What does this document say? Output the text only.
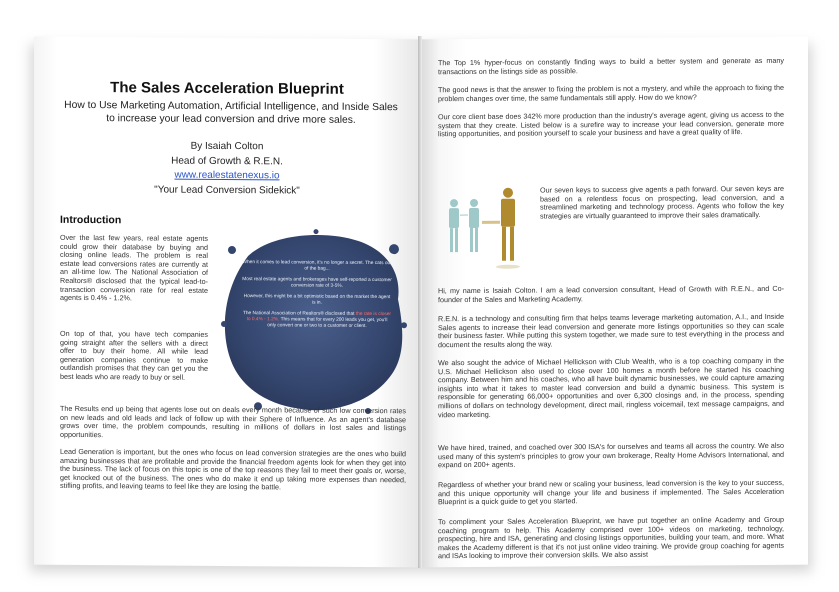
The Sales Acceleration Blueprint
How to Use Marketing Automation, Artificial Intelligence, and Inside Sales to increase your lead conversion and drive more sales.
By Isaiah Colton
Head of Growth & R.E.N.
www.realestatenexus.io
"Your Lead Conversion Sidekick"
Introduction
Over the last few years, real estate agents could grow their database by buying and closing online leads. The problem is real estate lead conversions rates are currently at an all-time low. The National Association of Realtors® disclosed that the typical lead-to-transaction conversion rate for real estate agents is 0.4% - 1.2%.
On top of that, you have tech companies going straight after the sellers with a direct offer to buy their home. All while lead generation companies continue to make outlandish promises that they can get you the best leads who are ready to buy or sell.

When it comes to lead conversion, it's no longer a secret. The cats out of the bag...

Most real estate agents and brokerages have self-reported a customer conversion rate of 3-5%.

However, this might be a bit optimistic based on the market the agent is in.

The National Association of Realtors® disclosed that the rate is closer to 0.4% - 1.2%. This means that for every 200 leads you get, you'll only convert one or two to a customer or client.

The Results end up being that agents lose out on deals every month because of such low conversion rates on new leads and old leads and lack of follow up with their Sphere of Influence. As an agent's database grows over time, the problem compounds, resulting in millions of dollars in lost sales and listings opportunities.
Lead Generation is important, but the ones who focus on lead conversion strategies are the ones who build amazing businesses that are profitable and provide the financial freedom agents look for when they get into the business. The lack of focus on this topic is one of the top reasons they fail to meet their goals or, worse, get knocked out of the business. The ones who do make it end up taking more expenses than needed, stifling profits, and leaving teams to feel like they are losing the battle.
The Top 1% hyper-focus on constantly finding ways to build a better system and generate as many transactions on the listings side as possible.
The good news is that the answer to fixing the problem is not a mystery, and while the approach to fixing the problem changes over time, the same fundamentals still apply. How do we know?
Our core client base does 342% more production than the industry's average agent, giving us access to the system that they create. Listed below is a surefire way to increase your lead conversion, generate more listing opportunities, and position yourself to scale your business and have a great quality of life.
Our seven keys to success give agents a path forward. Our seven keys are based on a relentless focus on prospecting, lead conversion, and a streamlined marketing and technology process. Agents who follow the key strategies are virtually guaranteed to improve their sales dramatically.
Hi, my name is Isaiah Colton. I am a lead conversion consultant, Head of Growth with R.E.N., and Co-founder of the Sales and Marketing Academy.
R.E.N. is a technology and consulting firm that helps teams leverage marketing automation, A.I., and Inside Sales agents to increase their lead conversion and generate more listings opportunities so they can scale their business faster. While putting this system together, we made sure to test everything in the process and document the results along the way.
We also sought the advice of Michael Hellickson with Club Wealth, who is a top coaching company in the U.S. Michael Hellickson also used to close over 100 homes a month before he started his coaching company. Between him and his coaches, who all have built dynamic businesses, we could capture amazing insights into what it takes to master lead conversion and build a dynamic business. This system is responsible for generating 66,000+ opportunities and over 6,300 closings and, in the process, spending millions of dollars on technology development, direct mail, ringless voicemail, text message campaigns, and video marketing.
We have hired, trained, and coached over 300 ISA's for ourselves and teams all across the country. We also used many of this system's principles to grow your own brokerage, Realty Home Advisors International, and expand on 200+ agents.
Regardless of whether your brand new or scaling your business, lead conversion is the key to your success, and this unique opportunity will change your life and business if implemented. The Sales Acceleration Blueprint is a quick guide to get you started.
To compliment your Sales Acceleration Blueprint, we have put together an online Academy and Group coaching program to help. This Academy comprised over 100+ videos on marketing, technology, prospecting, hire and ISA, generating and closing listings opportunities, building your team, and more. What makes the Academy different is that it's not just online video training. We provide group coaching for agents and ISAs looking to improve their conversion skills. We also assist
